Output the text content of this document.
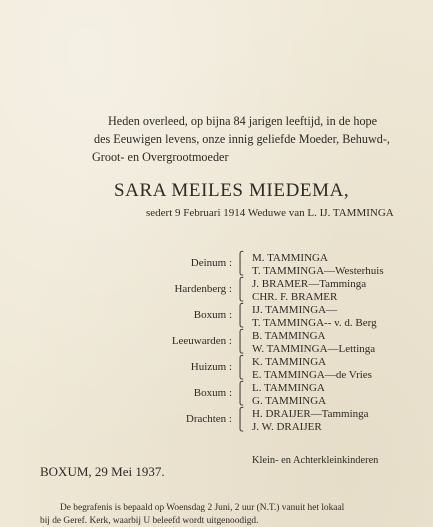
Heden overleed, op bijna 84 jarigen leeftijd, in de hope
des Eeuwigen levens, onze innig geliefde Moeder, Behuwd-,
Groot- en Overgrootmoeder
SARA MEILES MIEDEMA,
sedert 9 Februari 1914 Weduwe van L. IJ. TAMMINGA
Deinum : ⎧
⎩
M. TAMMINGA
T. TAMMINGA—Westerhuis
Hardenberg : ⎧
⎩
J. BRAMER—Tamminga
CHR. F. BRAMER
Boxum : ⎧
⎩
IJ. TAMMINGA—
T. TAMMINGA-- v. d. Berg
Leeuwarden : ⎧
⎩
B. TAMMINGA
W. TAMMINGA—Lettinga
Huizum : ⎧
⎩
K. TAMMINGA
E. TAMMINGA—de Vries
Boxum : ⎧
⎩
L. TAMMINGA
G. TAMMINGA
Drachten : ⎧
⎩
H. DRAIJER—Tamminga
J. W. DRAIJER
Klein- en Achterkleinkinderen
BOXUM, 29 Mei 1937.
De begrafenis is bepaald op Woensdag 2 Juni, 2 uur (N.T.) vanuit het lokaal
bij de Geref. Kerk, waarbij U beleefd wordt uitgenoodigd.
